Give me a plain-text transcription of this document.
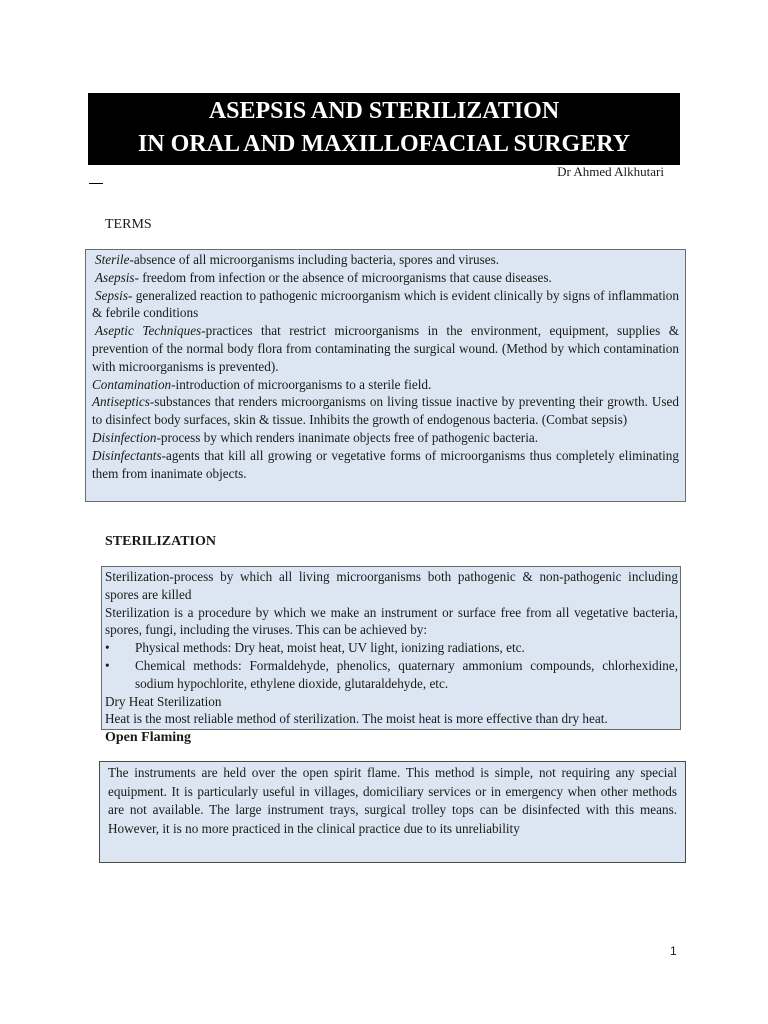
ASEPSIS AND STERILIZATION
IN ORAL AND MAXILLOFACIAL SURGERY
Dr Ahmed Alkhutari
TERMS

Sterile-absence of all microorganisms including bacteria, spores and viruses.

Asepsis- freedom from infection or the absence of microorganisms that cause diseases.

Sepsis- generalized reaction to pathogenic microorganism which is evident clinically by signs of inflammation & febrile conditions

Aseptic Techniques-practices that restrict microorganisms in the environment, equipment, supplies & prevention of the normal body flora from contaminating the surgical wound. (Method by which contamination with microorganisms is prevented).

Contamination-introduction of microorganisms to a sterile field.

Antiseptics-substances that renders microorganisms on living tissue inactive by preventing their growth. Used to disinfect body surfaces, skin & tissue. Inhibits the growth of endogenous bacteria. (Combat sepsis)

Disinfection-process by which renders inanimate objects free of pathogenic bacteria.

Disinfectants-agents that kill all growing or vegetative forms of microorganisms thus completely eliminating them from inanimate objects.

STERILIZATION

Sterilization-process by which all living microorganisms both pathogenic & non-pathogenic including spores are killed

Sterilization is a procedure by which we make an instrument or surface free from all vegetative bacteria, spores, fungi, including the viruses. This can be achieved by:

•	Physical methods: Dry heat, moist heat, UV light, ionizing radiations, etc.
•	Chemical methods: Formaldehyde, phenolics, quaternary ammonium compounds, chlorhexidine, sodium hypochlorite, ethylene dioxide, glutaraldehyde, etc.

Dry Heat Sterilization

Heat is the most reliable method of sterilization. The moist heat is more effective than dry heat.

Open Flaming
The instruments are held over the open spirit flame. This method is simple, not requiring any special equipment. It is particularly useful in villages, domiciliary services or in emergency when other methods are not available. The large instrument trays, surgical trolley tops can be disinfected with this means. However, it is no more practiced in the clinical practice due to its unreliability
1
